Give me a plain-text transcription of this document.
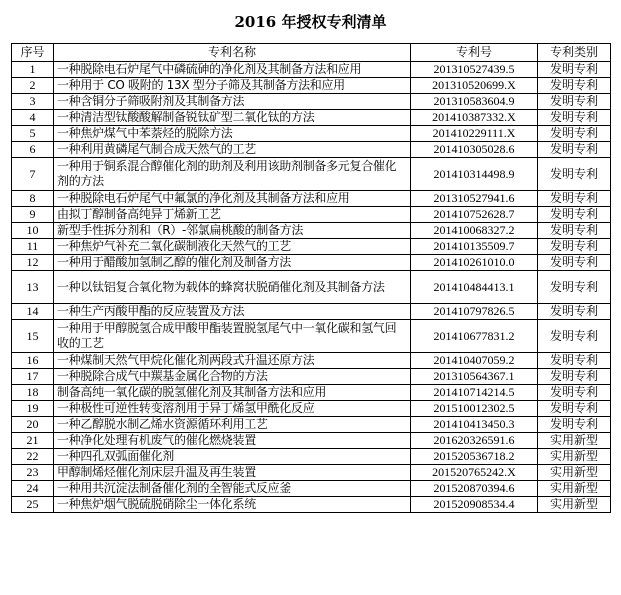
2016 年授权专利清单
序号	专利名称	专利号	专利类别
1	一种脱除电石炉尾气中磷硫砷的净化剂及其制备方法和应用	201310527439.5	发明专利
2	一种用于 CO 吸附的 13X 型分子筛及其制备方法和应用	201310520699.X	发明专利
3	一种含铜分子筛吸附剂及其制备方法	201310583604.9	发明专利
4	一种清洁型钛酸酸解制备锐钛矿型二氧化钛的方法	201410387332.X	发明专利
5	一种焦炉煤气中苯萘烃的脱除方法	201410229111.X	发明专利
6	一种利用黄磷尾气制合成天然气的工艺	201410305028.6	发明专利
7	一种用于铜系混合醇催化剂的助剂及利用该助剂制备多元复合催化剂的方法	201410314498.9	发明专利
8	一种脱除电石炉尾气中氟氯的净化剂及其制备方法和应用	201310527941.6	发明专利
9	由拟丁醇制备高纯异丁烯新工艺	201410752628.7	发明专利
10	新型手性拆分剂和（R）-邻氯扁桃酸的制备方法	201410068327.2	发明专利
11	一种焦炉气补充二氧化碳制液化天然气的工艺	201410135509.7	发明专利
12	一种用于醋酸加氢制乙醇的催化剂及制备方法	201410261010.0	发明专利
13	一种以钛铝复合氧化物为载体的蜂窝状脱硝催化剂及其制备方法	201410484413.1	发明专利
14	一种生产丙酸甲酯的反应装置及方法	201410797826.5	发明专利
15	一种用于甲醇脱氢合成甲酸甲酯装置脱氢尾气中一氧化碳和氢气回收的工艺	201410677831.2	发明专利
16	一种煤制天然气甲烷化催化剂两段式升温还原方法	201410407059.2	发明专利
17	一种脱除合成气中羰基金属化合物的方法	201310564367.1	发明专利
18	制备高纯一氧化碳的脱氢催化剂及其制备方法和应用	201410714214.5	发明专利
19	一种极性可逆性转变溶剂用于异丁烯氢甲酰化反应	201510012302.5	发明专利
20	一种乙醇脱水制乙烯水资源循环利用工艺	201410413450.3	发明专利
21	一种净化处理有机废气的催化燃烧装置	201620326591.6	实用新型
22	一种四孔双弧面催化剂	201520536718.2	实用新型
23	甲醇制烯烃催化剂床层升温及再生装置	201520765242.X	实用新型
24	一种用共沉淀法制备催化剂的全智能式反应釜	201520870394.6	实用新型
25	一种焦炉烟气脱硫脱硝除尘一体化系统	201520908534.4	实用新型
